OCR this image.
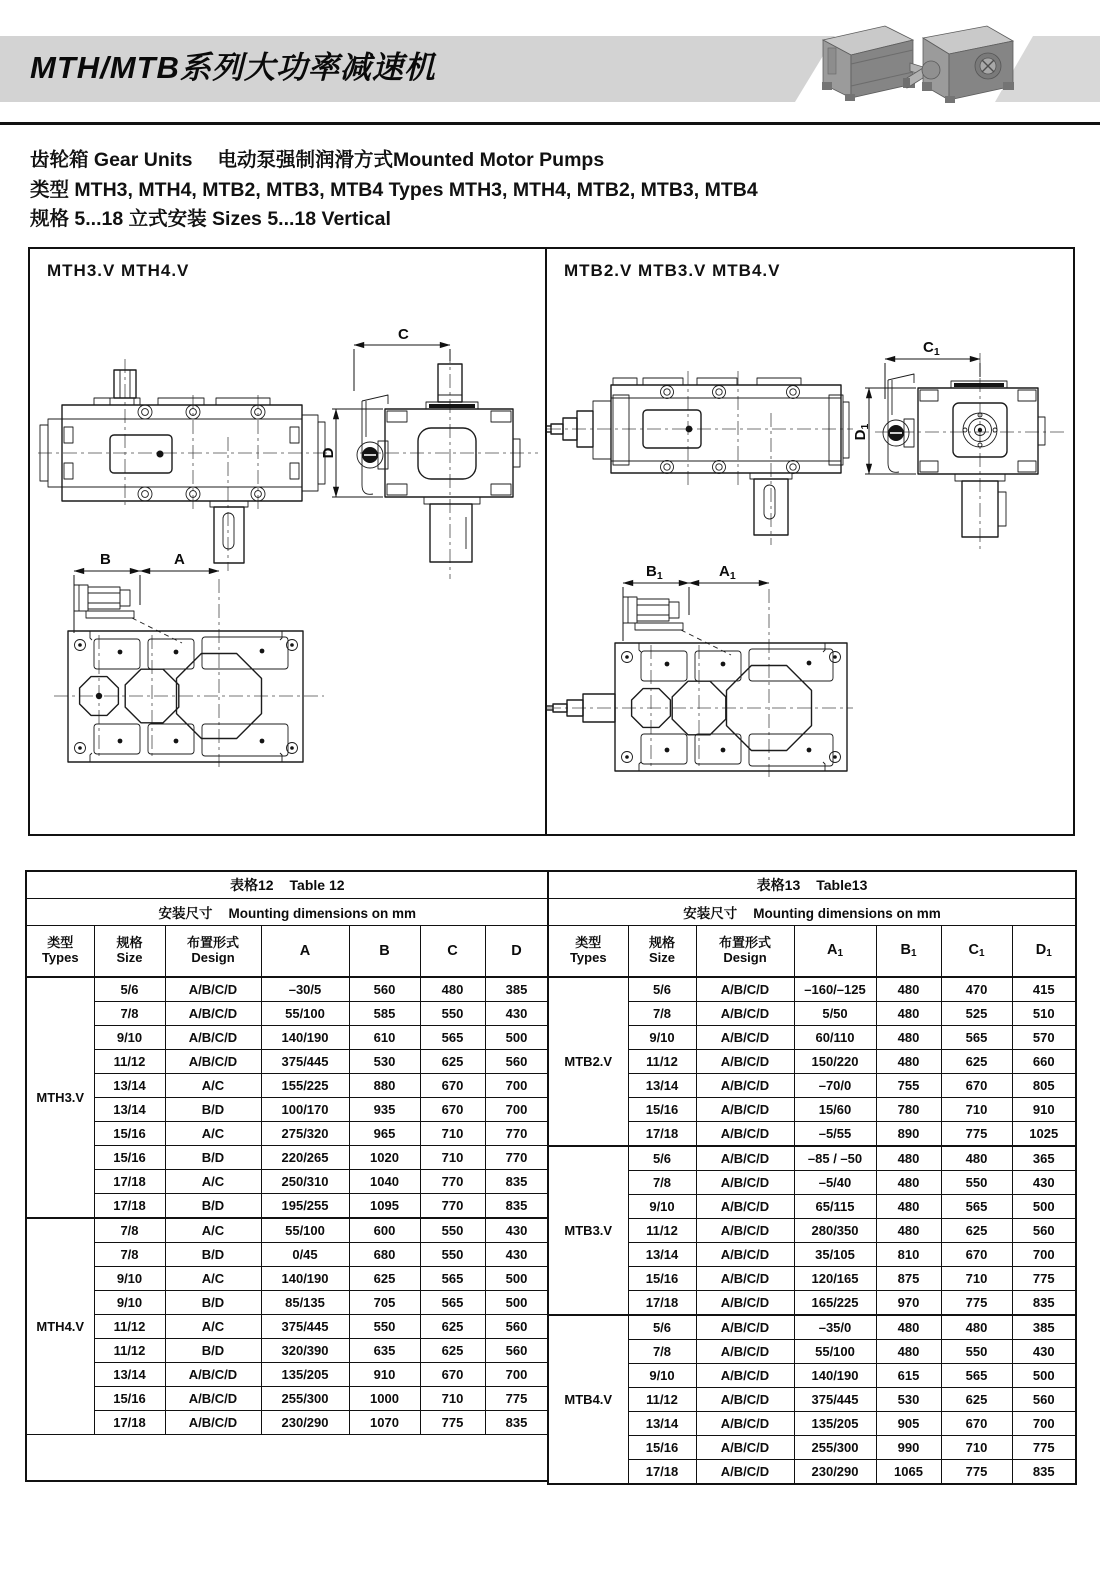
MTH/MTB系列大功率减速机
齿轮箱 Gear Units　 电动泵强制润滑方式Mounted Motor Pumps
类型 MTH3, MTH4, MTB2, MTB3, MTB4 Types MTH3, MTH4, MTB2, MTB3, MTB4
规格 5...18 立式安装 Sizes 5...18 Vertical
MTH3.V MTH4.V
C
D
B	A
MTB2.V MTB3.V MTB4.V
$C_1$
$D_1$
$B_1$	$A_1$
表格12 Table 12						
安装尺寸 Mounting dimensions on mm						

类型
Types

规格
Size

布置形式
Design	A	B	C	D
MTH3.V	5/6	A/B/C/D	–30/5	560	480	385
	7/8	A/B/C/D	55/100	585	550	430
	9/10	A/B/C/D	140/190	610	565	500
	11/12	A/B/C/D	375/445	530	625	560
	13/14	A/C	155/225	880	670	700
	13/14	B/D	100/170	935	670	700
	15/16	A/C	275/320	965	710	770
	15/16	B/D	220/265	1020	710	770
	17/18	A/C	250/310	1040	770	835
	17/18	B/D	195/255	1095	770	835
MTH4.V	7/8	A/C	55/100	600	550	430
	7/8	B/D	0/45	680	550	430
	9/10	A/C	140/190	625	565	500
	9/10	B/D	85/135	705	565	500
	11/12	A/C	375/445	550	625	560
	11/12	B/D	320/390	635	625	560
	13/14	A/B/C/D	135/205	910	670	700
	15/16	A/B/C/D	255/300	1000	710	775
	17/18	A/B/C/D	230/290	1070	775	835

表格13 Table13						
安装尺寸 Mounting dimensions on mm						

类型
Types

规格
Size

布置形式
Design	$A_1$	$B_1$	$C_1$	$D_1$
MTB2.V	5/6	A/B/C/D	–160/–125	480	470	415
	7/8	A/B/C/D	5/50	480	525	510
	9/10	A/B/C/D	60/110	480	565	570
	11/12	A/B/C/D	150/220	480	625	660
	13/14	A/B/C/D	–70/0	755	670	805
	15/16	A/B/C/D	15/60	780	710	910
	17/18	A/B/C/D	–5/55	890	775	1025
MTB3.V	5/6	A/B/C/D	–85 / –50	480	480	365
	7/8	A/B/C/D	–5/40	480	550	430
	9/10	A/B/C/D	65/115	480	565	500
	11/12	A/B/C/D	280/350	480	625	560
	13/14	A/B/C/D	35/105	810	670	700
	15/16	A/B/C/D	120/165	875	710	775
	17/18	A/B/C/D	165/225	970	775	835
MTB4.V	5/6	A/B/C/D	–35/0	480	480	385
	7/8	A/B/C/D	55/100	480	550	430
	9/10	A/B/C/D	140/190	615	565	500
	11/12	A/B/C/D	375/445	530	625	560
	13/14	A/B/C/D	135/205	905	670	700
	15/16	A/B/C/D	255/300	990	710	775
	17/18	A/B/C/D	230/290	1065	775	835
